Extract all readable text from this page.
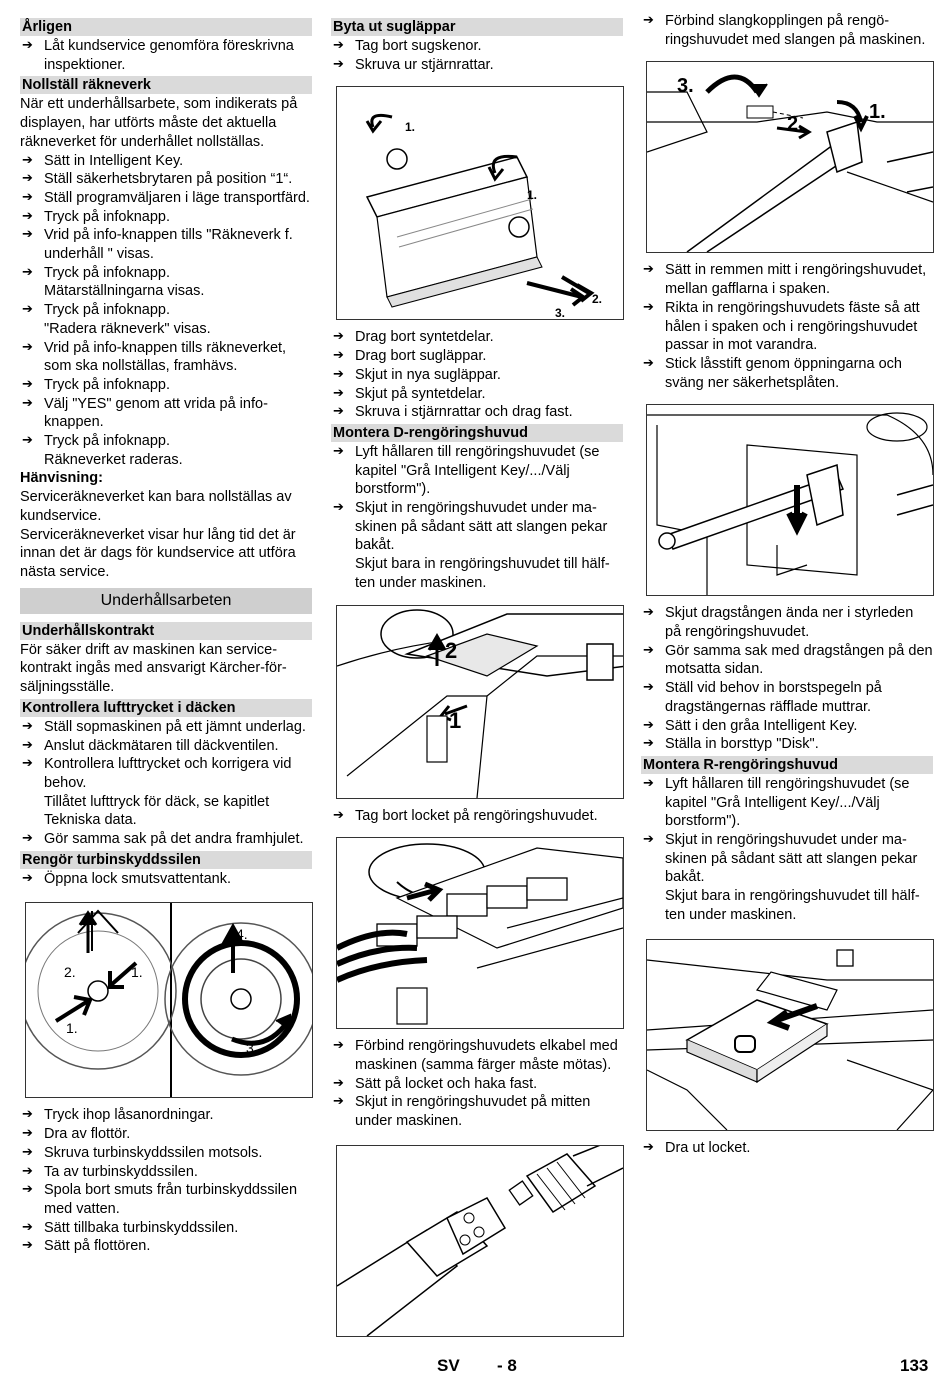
Årligen
➔ Låt kundservice genomföra föreskrivna inspektioner.
Nollställ räkneverk
När ett underhållsarbete, som indikerats på displayen, har utförts måste det aktuella räkneverket för underhållet nollställas.
➔ Sätt in Intelligent Key.
➔ Ställ säkerhetsbrytaren på position “1“.
➔ Ställ programväljaren i läge transportfärd.
➔ Tryck på infoknapp.
➔ Vrid på info-knappen tills "Räkneverk f. underhåll " visas.
➔ Tryck på infoknapp.
Mätarställningarna visas.
➔ Tryck på infoknapp.
"Radera räkneverk" visas.
➔ Vrid på info-knappen tills räkneverket, som ska nollställas, framhävs.
➔ Tryck på infoknapp.
➔ Välj "YES" genom att vrida på infoknappen.
➔ Tryck på infoknapp.
Räkneverket raderas.
Hänvisning:
Serviceräkneverket kan bara nollställas av kundservice.
Serviceräkneverket visar hur lång tid det är innan det är dags för kundservice att utföra nästa service.
Underhållsarbeten
Underhållskontrakt
För säker drift av maskinen kan servicekontrakt ingås med ansvarigt Kärcher-försäljningsställe.
Kontrollera lufttrycket i däcken
➔ Ställ sopmaskinen på ett jämnt underlag.
➔ Anslut däckmätaren till däckventilen.
➔ Kontrollera lufttrycket och korrigera vid behov.
Tillåtet lufttryck för däck, se kapitlet Tekniska data.
➔ Gör samma sak på det andra framhjulet.
Rengör turbinskyddssilen
➔ Öppna lock smutsvattentank.
2.	1.
1.
4.
3.
➔ Tryck ihop låsanordningar.
➔ Dra av flottör.
➔ Skruva turbinskyddssilen motsols.
➔ Ta av turbinskyddssilen.
➔ Spola bort smuts från turbinskyddssilen med vatten.
➔ Sätt tillbaka turbinskyddssilen.
➔ Sätt på flottören.
Byta ut sugläppar
➔ Tag bort sugskenor.
➔ Skruva ur stjärnrattar.
1.
1.
2.
3.
➔ Drag bort syntetdelar.
➔ Drag bort sugläppar.
➔ Skjut in nya sugläppar.
➔ Skjut på syntetdelar.
➔ Skruva i stjärnrattar och drag fast.
Montera D-rengöringshuvud
➔ Lyft hållaren till rengöringshuvudet (se kapitel "Grå Intelligent Key/.../Välj borstform").
➔ Skjut in rengöringshuvudet under maskinen på sådant sätt att slangen pekar bakåt.
Skjut bara in rengöringshuvudet till hälften under maskinen.
2
1
➔ Tag bort locket på rengöringshuvudet.
➔ Förbind rengöringshuvudets elkabel med maskinen (samma färger måste mötas).
➔ Sätt på locket och haka fast.
➔ Skjut in rengöringshuvudet på mitten under maskinen.
➔ Förbind slangkopplingen på rengöringshuvudet med slangen på maskinen.
3.
2.
1.
➔ Sätt in remmen mitt i rengöringshuvudet, mellan gafflarna i spaken.
➔ Rikta in rengöringshuvudets fäste så att hålen i spaken och i rengöringshuvudet passar in mot varandra.
➔ Stick låsstift genom öppningarna och sväng ner säkerhetsplåten.
➔ Skjut dragstången ända ner i styrleden på rengöringshuvudet.
➔ Gör samma sak med dragstången på den motsatta sidan.
➔ Ställ vid behov in borstspegeln på dragstängernas räfflade muttrar.
➔ Sätt i den gråa Intelligent Key.
➔ Ställa in borsttyp "Disk".
Montera R-rengöringshuvud
➔ Lyft hållaren till rengöringshuvudet (se kapitel "Grå Intelligent Key/.../Välj borstform").
➔ Skjut in rengöringshuvudet under maskinen på sådant sätt att slangen pekar bakåt.
Skjut bara in rengöringshuvudet till hälften under maskinen.
➔ Dra ut locket.
SV - 8	133
